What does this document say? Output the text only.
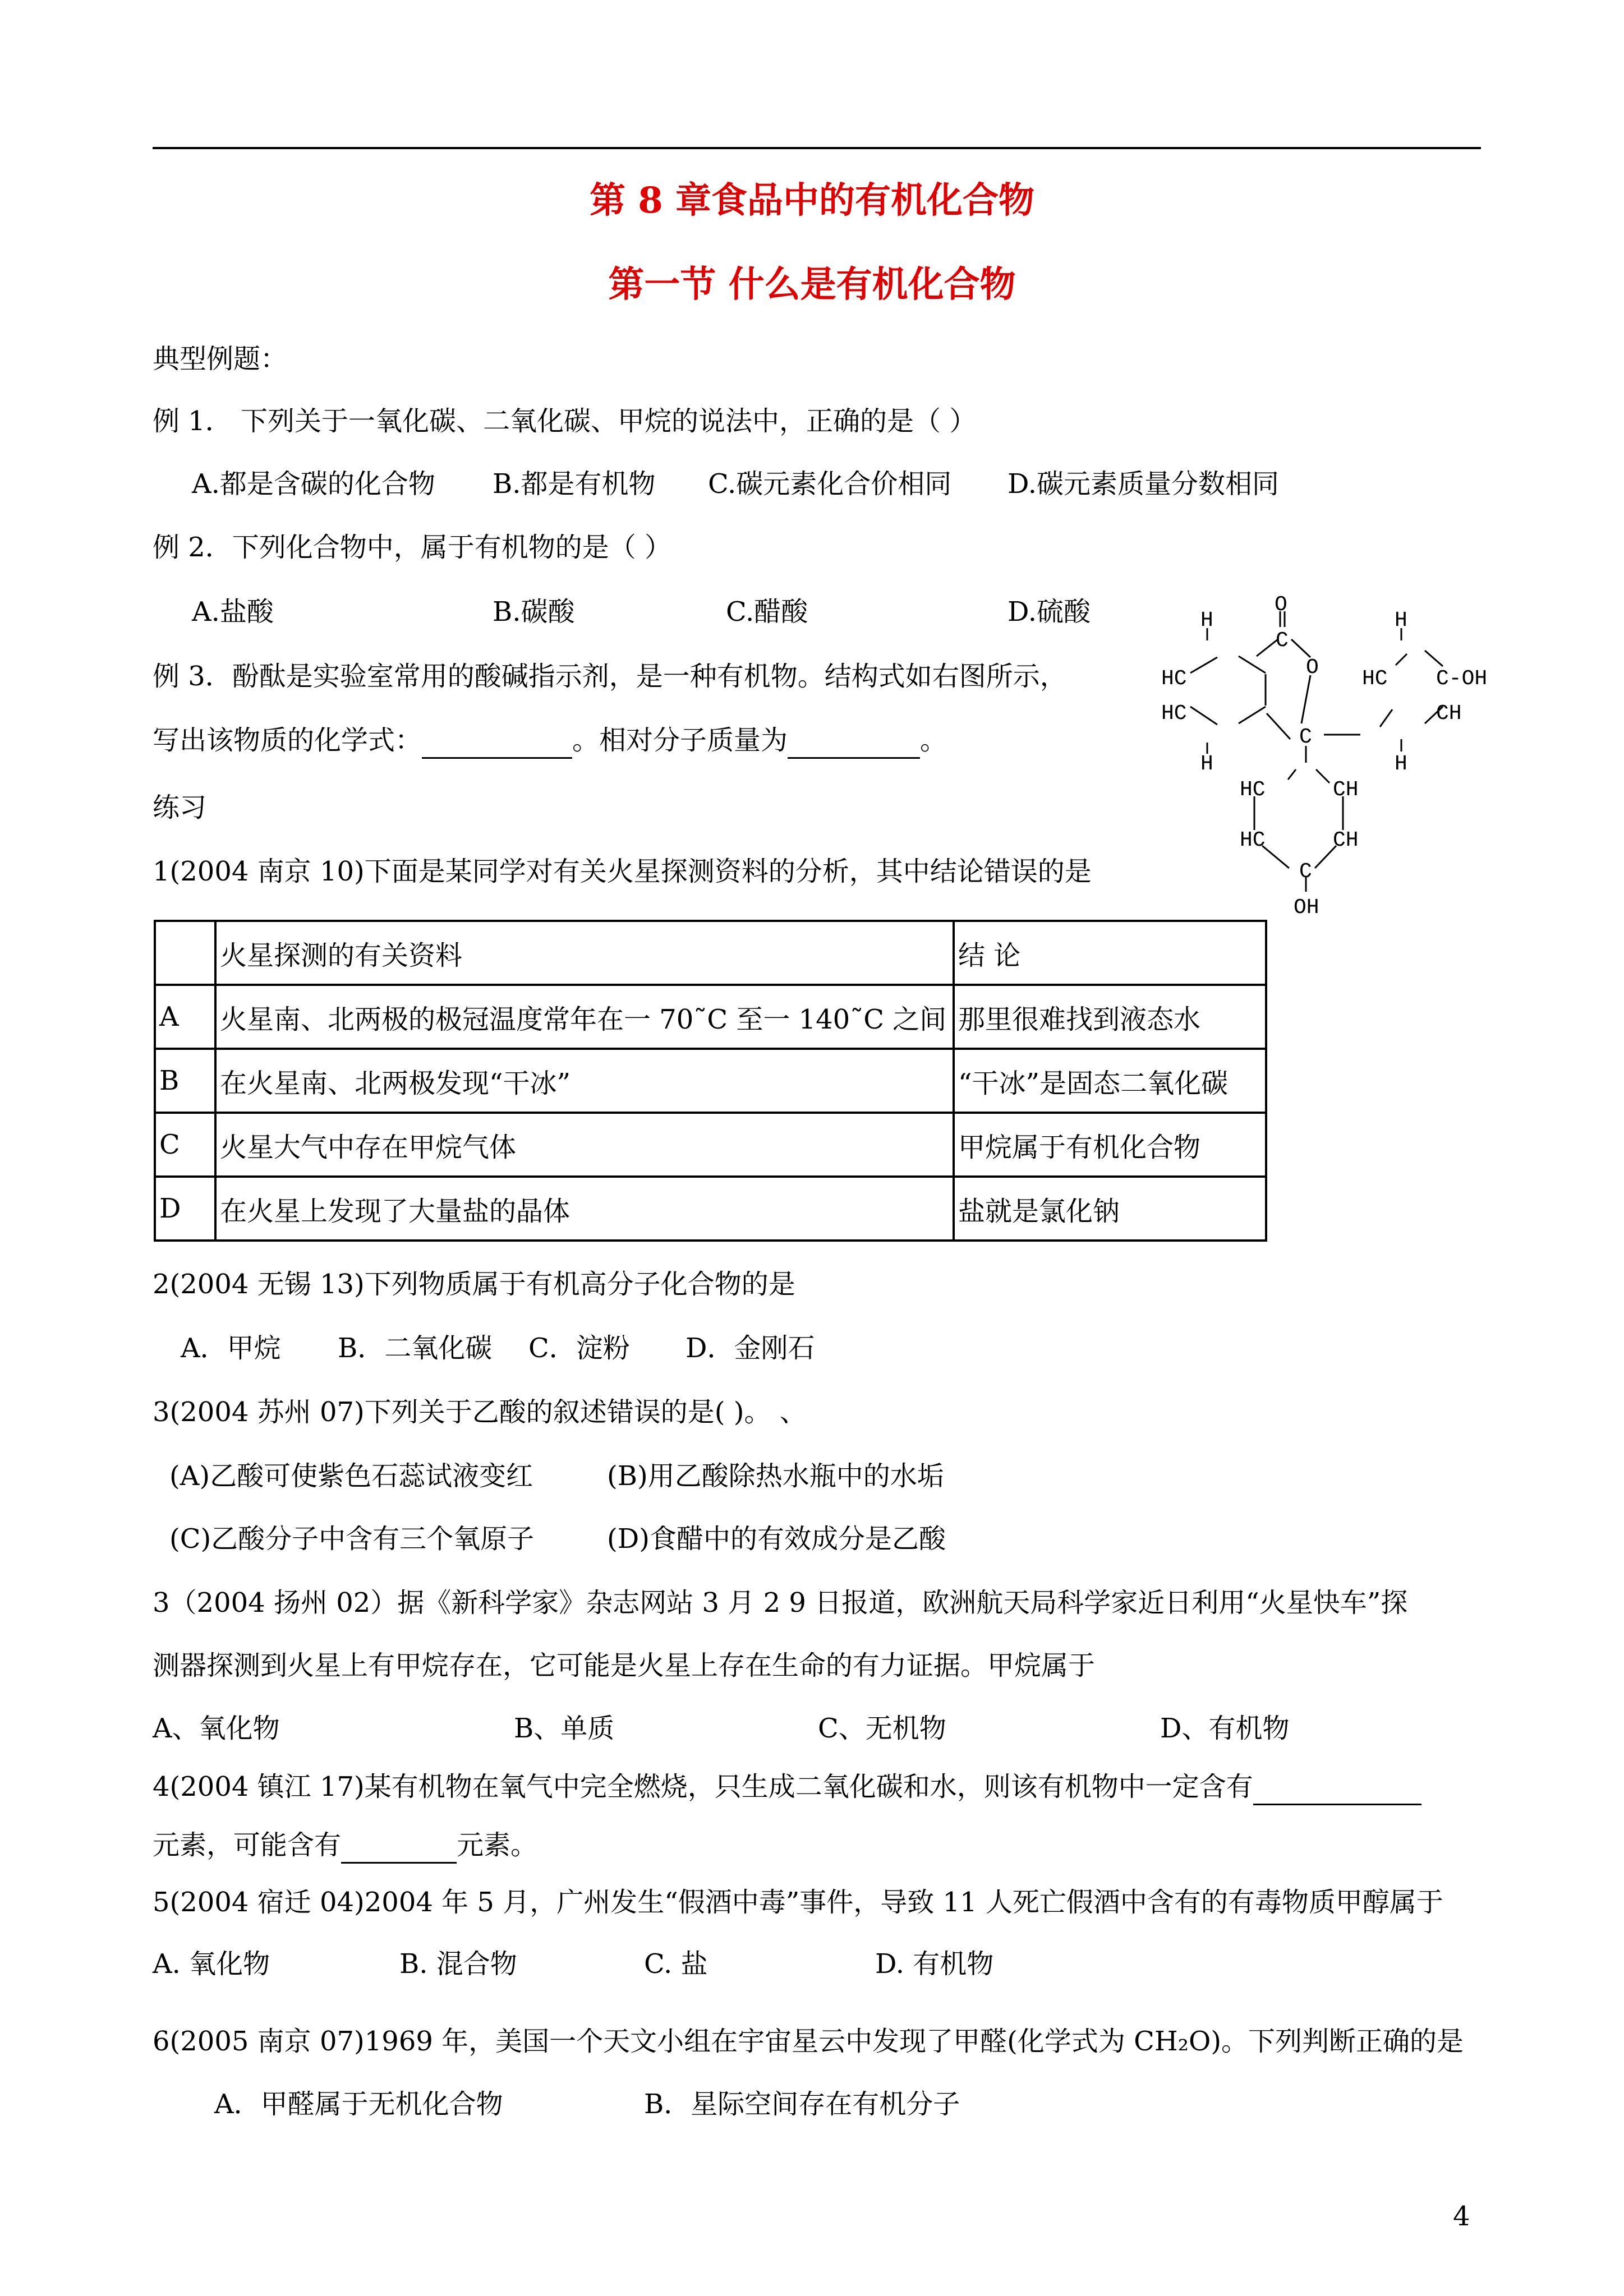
第 8 章食品中的有机化合物
第一节 什么是有机化合物
典型例题：
例 1． 下列关于一氧化碳、二氧化碳、甲烷的说法中，正确的是（ ）
A.都是含碳的化合物 B.都是有机物 C.碳元素化合价相同 D.碳元素质量分数相同
例 2．下列化合物中，属于有机物的是（ ）
A.盐酸	B.碳酸	C.醋酸	D.硫酸
例 3．酚酞是实验室常用的酸碱指示剂，是一种有机物。结构式如右图所示，
写出该物质的化学式：	。相对分子质量为	。
O
C
O
H
HC
HC
H
C
H
HC C-OH
CH
H
HC	CH
HC	CH
C
OH
练习
1(2004 南京 10)下面是某同学对有关火星探测资料的分析，其中结论错误的是
	火星探测的有关资料	结 论
A	火星南、北两极的极冠温度常年在一 70˜C 至一 140˜C 之间	那里很难找到液态水
B	在火星南、北两极发现“干冰”	“干冰”是固态二氧化碳
C	火星大气中存在甲烷气体	甲烷属于有机化合物
D	在火星上发现了大量盐的晶体	盐就是氯化钠
2(2004 无锡 13)下列物质属于有机高分子化合物的是
A．甲烷 B．二氧化碳 C．淀粉 D．金刚石
3(2004 苏州 07)下列关于乙酸的叙述错误的是( )。 、
(A)乙酸可使紫色石蕊试液变红	(B)用乙酸除热水瓶中的水垢
(C)乙酸分子中含有三个氧原子	(D)食醋中的有效成分是乙酸
3（2004 扬州 02）据《新科学家》杂志网站 3 月 2 9 日报道，欧洲航天局科学家近日利用“火星快车”探
测器探测到火星上有甲烷存在，它可能是火星上存在生命的有力证据。甲烷属于
A、氧化物	B、单质	C、无机物	D、有机物
4(2004 镇江 17)某有机物在氧气中完全燃烧，只生成二氧化碳和水，则该有机物中一定含有
元素，可能含有	元素。
5(2004 宿迁 04)2004 年 5 月，广州发生“假酒中毒”事件，导致 11 人死亡假酒中含有的有毒物质甲醇属于
A. 氧化物	B. 混合物	C. 盐	D. 有机物
6(2005 南京 07)1969 年，美国一个天文小组在宇宙星云中发现了甲醛(化学式为 CH₂O)。下列判断正确的是
A．甲醛属于无机化合物	B．星际空间存在有机分子
4
